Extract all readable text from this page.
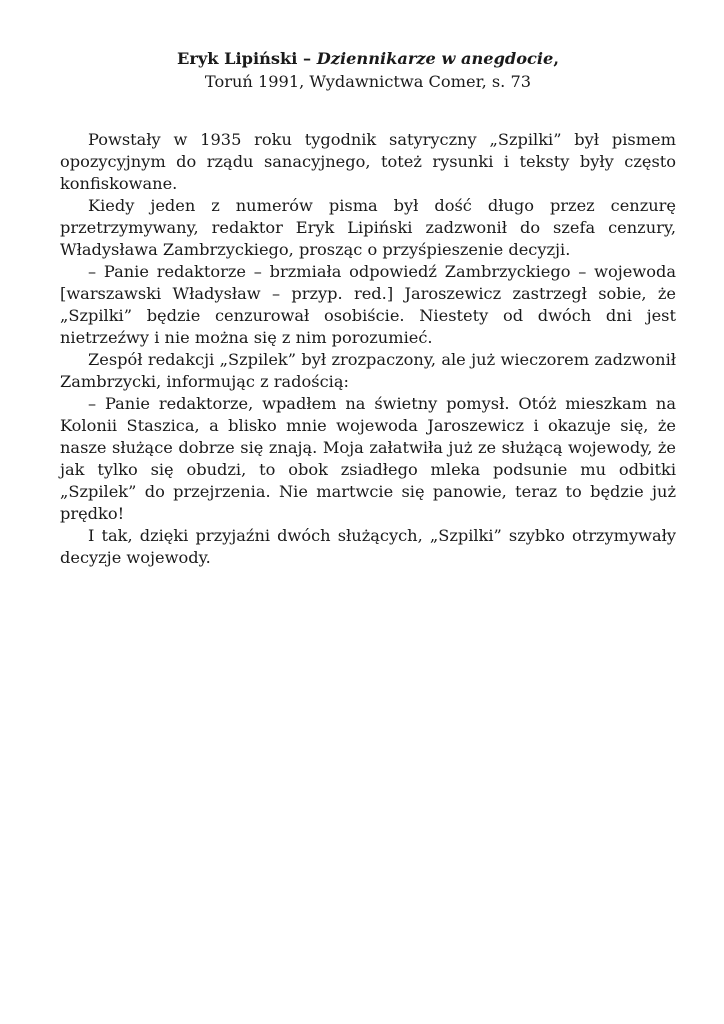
Eryk Lipiński – Dziennikarze w anegdocie,
Toruń 1991, Wydawnictwa Comer, s. 73

Powstały w 1935 roku tygodnik satyryczny „Szpilki” był pismem opozycyjnym do rządu sanacyjnego, toteż rysunki i teksty były często konfiskowane.

Kiedy jeden z numerów pisma był dość długo przez cenzurę przetrzymywany, redaktor Eryk Lipiński zadzwonił do szefa cenzury, Władysława Zambrzyckiego, prosząc o przyśpieszenie decyzji.

– Panie redaktorze – brzmiała odpowiedź Zambrzyckiego – wojewoda [warszawski Władysław – przyp. red.] Jaroszewicz zastrzegł sobie, że „Szpilki” będzie cenzurował osobiście. Niestety od dwóch dni jest nietrzeźwy i nie można się z nim porozumieć.

Zespół redakcji „Szpilek” był zrozpaczony, ale już wieczorem zadzwonił Zambrzycki, informując z radością:

– Panie redaktorze, wpadłem na świetny pomysł. Otóż mieszkam na Kolonii Staszica, a blisko mnie wojewoda Jaroszewicz i okazuje się, że nasze służące dobrze się znają. Moja załatwiła już ze służącą wojewody, że jak tylko się obudzi, to obok zsiadłego mleka podsunie mu odbitki „Szpilek” do przejrzenia. Nie martwcie się panowie, teraz to będzie już prędko!

I tak, dzięki przyjaźni dwóch służących, „Szpilki” szybko otrzymywały decyzje wojewody.
